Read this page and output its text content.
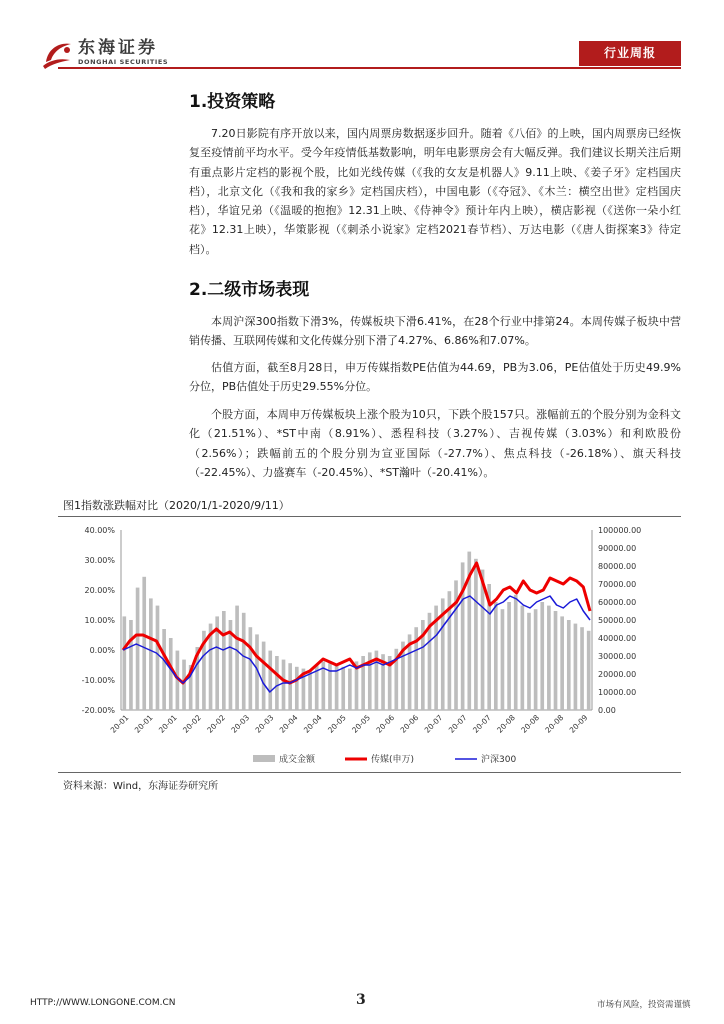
东海证券
DONGHAI SECURITIES
行业周报
1.投资策略
7.20日影院有序开放以来，国内周票房数据逐步回升。随着《八佰》的上映，国内周票房已经恢复至疫情前平均水平。受今年疫情低基数影响，明年电影票房会有大幅反弹。我们建议长期关注后期有重点影片定档的影视个股，比如光线传媒（《我的女友是机器人》9.11上映、《姜子牙》定档国庆档），北京文化（《我和我的家乡》定档国庆档），中国电影（《夺冠》、《木兰：横空出世》定档国庆档），华谊兄弟（《温暖的抱抱》12.31上映、《侍神令》预计年内上映），横店影视（《送你一朵小红花》12.31上映），华策影视（《刺杀小说家》定档2021春节档）、万达电影（《唐人街探案3》待定档）。
2.二级市场表现
本周沪深300指数下滑3%，传媒板块下滑6.41%，在28个行业中排第24。本周传媒子板块中营销传播、互联网传媒和文化传媒分别下滑了4.27%、6.86%和7.07%。
估值方面，截至8月28日，申万传媒指数PE估值为44.69，PB为3.06，PE估值处于历史49.9%分位，PB估值处于历史29.55%分位。
个股方面，本周申万传媒板块上涨个股为10只，下跌个股157只。涨幅前五的个股分别为金科文化（21.51%）、*ST中南（8.91%）、悉程科技（3.27%）、吉视传媒（3.03%）和利欧股份（2.56%）；跌幅前五的个股分别为宣亚国际（-27.7%）、焦点科技（-26.18%）、旗天科技（-22.45%）、力盛赛车（-20.45%）、*ST瀚叶（-20.41%）。
图1指数涨跌幅对比（2020/1/1-2020/9/11）
-20.00%
-10.00%
0.00%
10.00%
20.00%
30.00%
40.00%
0.00
10000.00
20000.00
30000.00
40000.00
50000.00
60000.00
70000.00
80000.00
90000.00
100000.00
20-01 20-01 20-01 20-02 20-02 20-03 20-03 20-04 20-04 20-05 20-05 20-06 20-06 20-07 20-07 20-07 20-08 20-08 20-08 20-09
成交金额	传媒(申万)	沪深300
资料来源：Wind，东海证券研究所
HTTP://WWW.LONGONE.COM.CN	3	市场有风险，投资需谨慎
